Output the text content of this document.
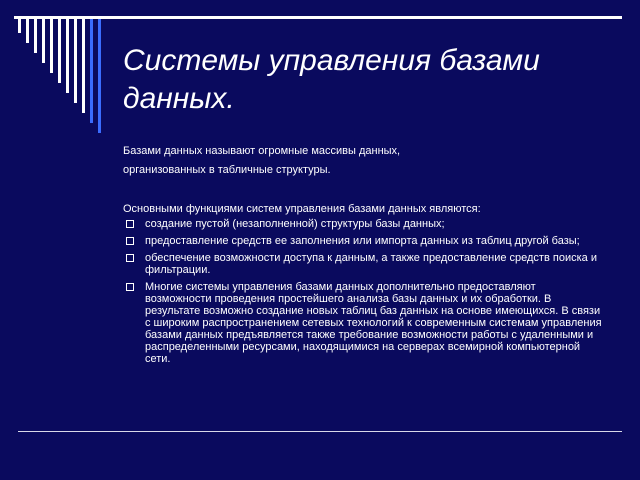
Системы управления базами данных.
Базами данных называют огромные массивы данных,
организованных в табличные структуры.

Основными функциями систем управления базами данных являются:

создание пустой (незаполненной) структуры базы данных;
предоставление средств ее заполнения или импорта данных из таблиц другой базы;
обеспечение возможности доступа к данным, а также предоставление средств поиска и фильтрации.
Многие системы управления базами данных дополнительно предоставляют возможности проведения простейшего анализа базы данных и их обработки. В результате возможно создание новых таблиц баз данных на основе имеющихся. В связи с широким распространением сетевых технологий к современным системам управления базами данных предъявляется также требование возможности работы с удаленными и распределенными ресурсами, находящимися на серверах всемирной компьютерной сети.
